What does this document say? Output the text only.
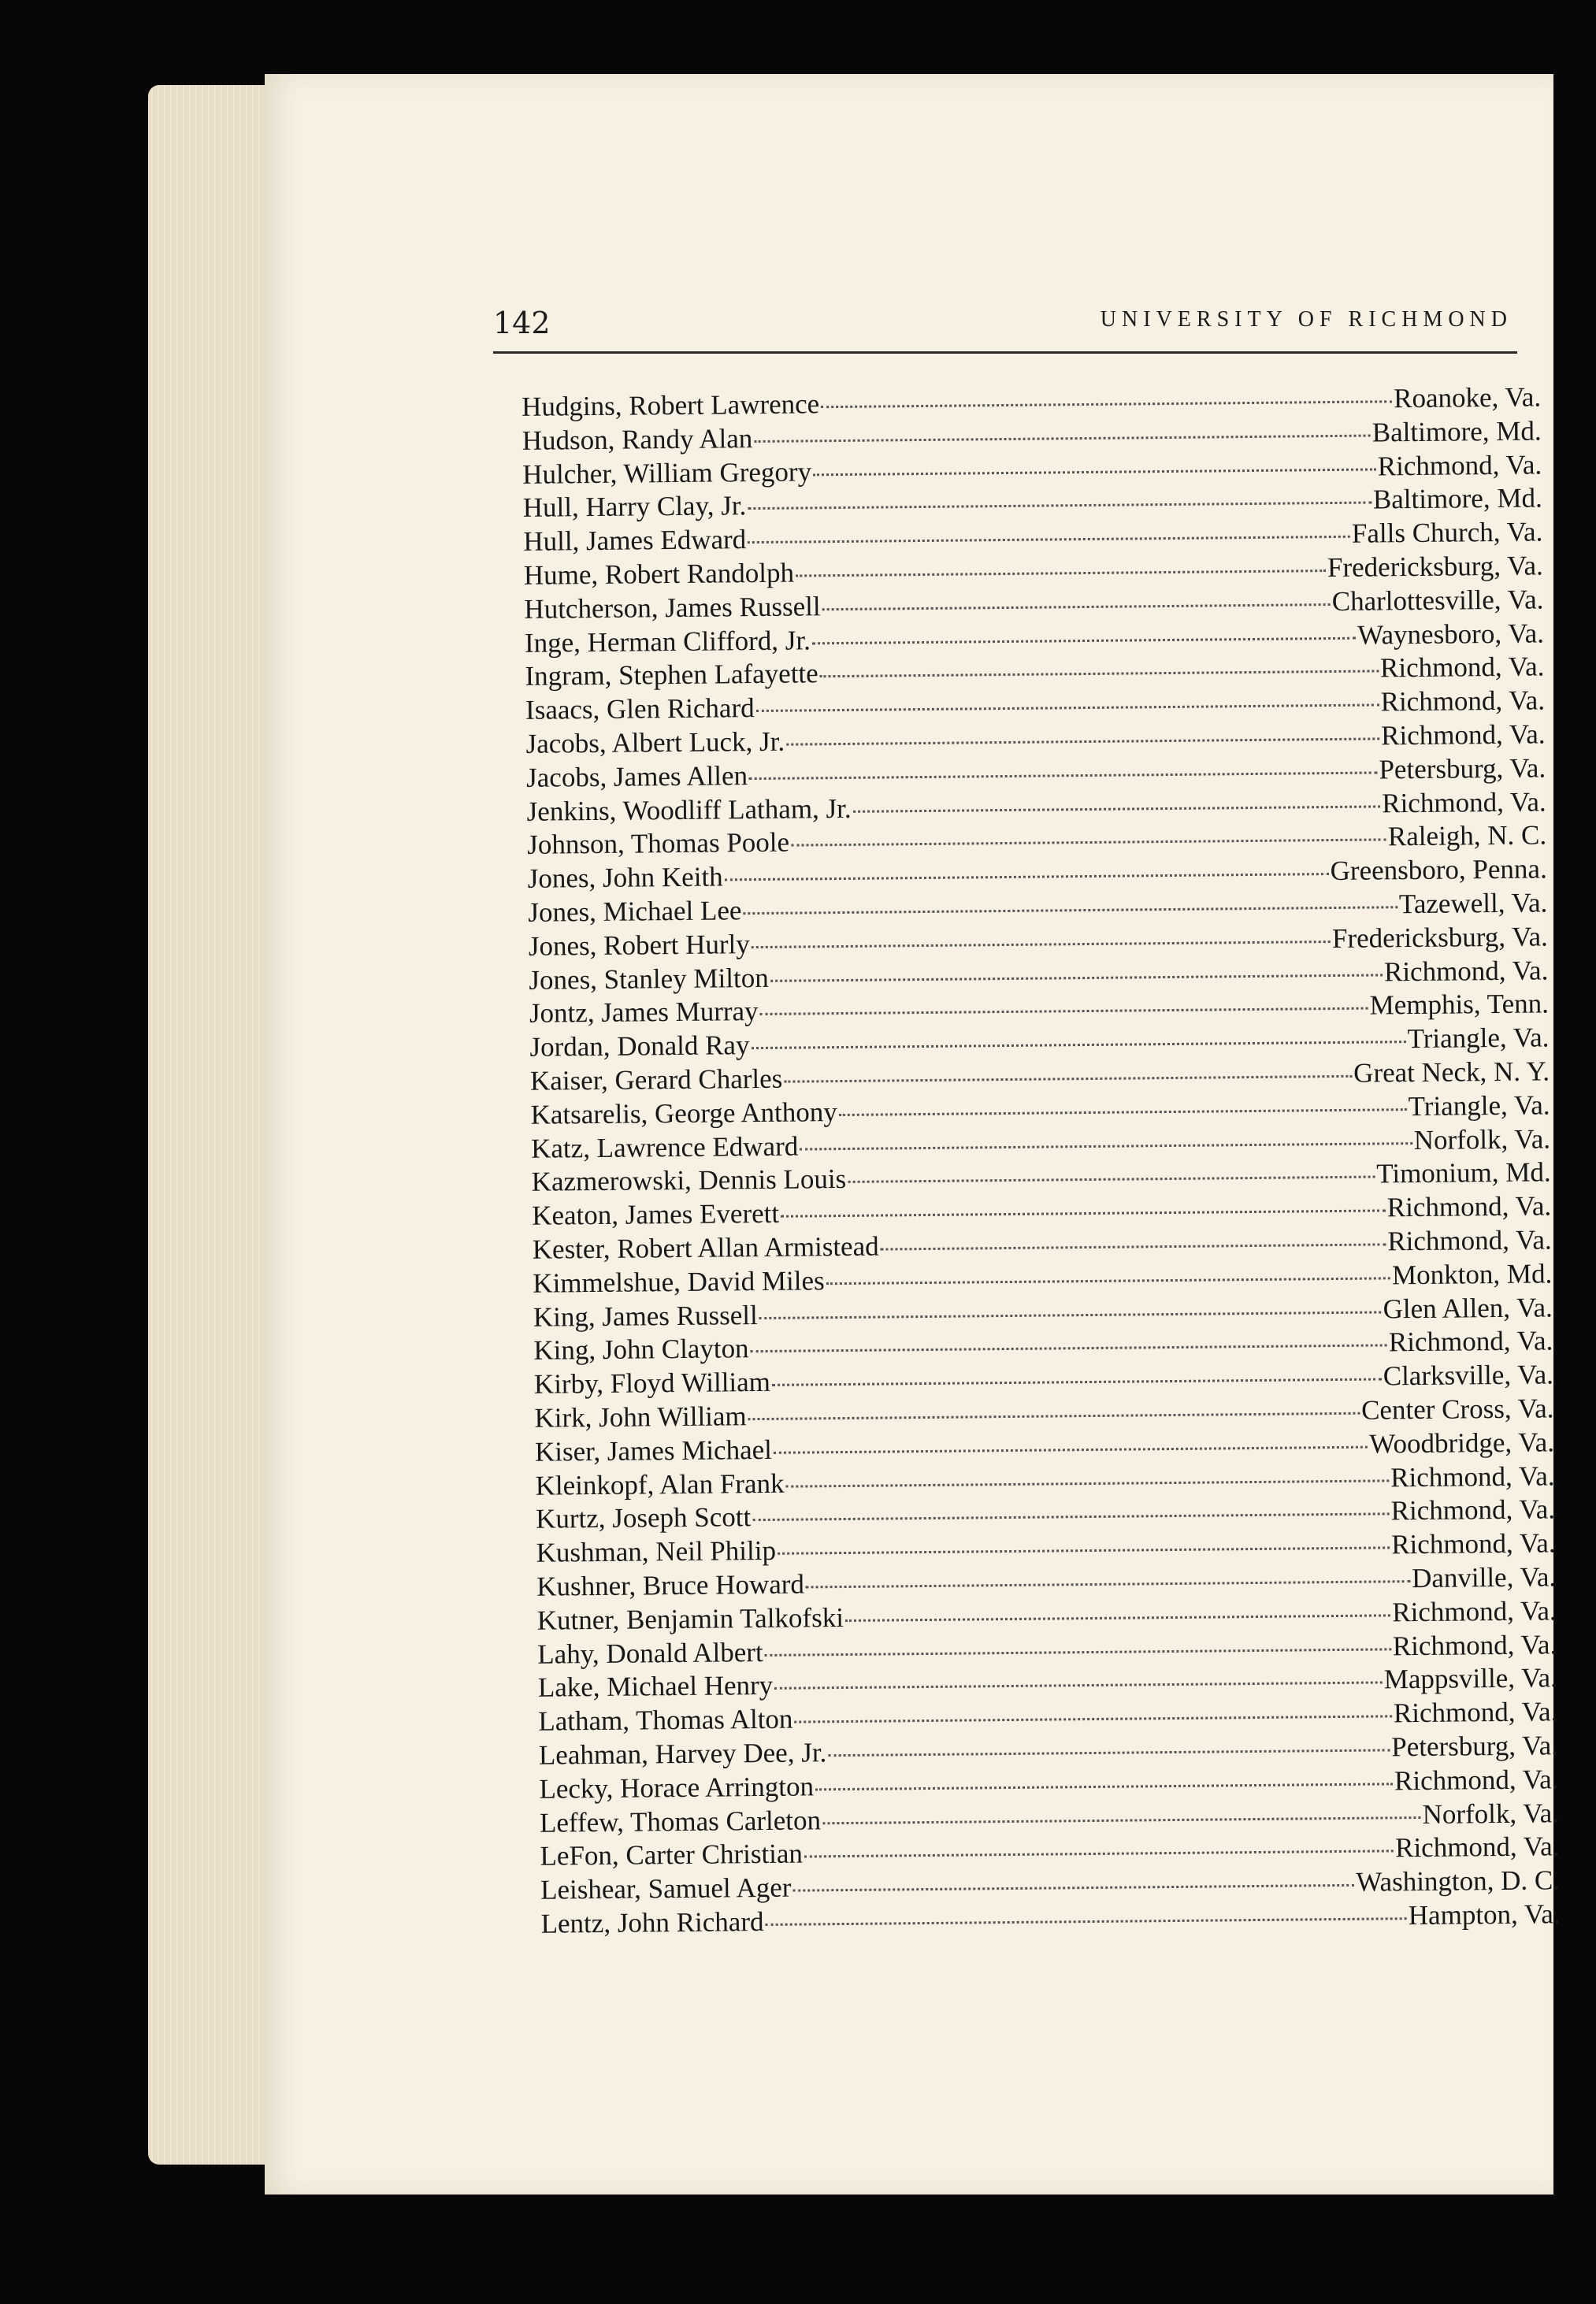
142	UNIVERSITY OF RICHMOND
Hudgins, Robert Lawrence	Roanoke, Va.
Hudson, Randy Alan	Baltimore, Md.
Hulcher, William Gregory	Richmond, Va.
Hull, Harry Clay, Jr.	Baltimore, Md.
Hull, James Edward	Falls Church, Va.
Hume, Robert Randolph	Fredericksburg, Va.
Hutcherson, James Russell	Charlottesville, Va.
Inge, Herman Clifford, Jr.	Waynesboro, Va.
Ingram, Stephen Lafayette	Richmond, Va.
Isaacs, Glen Richard	Richmond, Va.
Jacobs, Albert Luck, Jr.	Richmond, Va.
Jacobs, James Allen	Petersburg, Va.
Jenkins, Woodliff Latham, Jr.	Richmond, Va.
Johnson, Thomas Poole	Raleigh, N. C.
Jones, John Keith	Greensboro, Penna.
Jones, Michael Lee	Tazewell, Va.
Jones, Robert Hurly	Fredericksburg, Va.
Jones, Stanley Milton	Richmond, Va.
Jontz, James Murray	Memphis, Tenn.
Jordan, Donald Ray	Triangle, Va.
Kaiser, Gerard Charles	Great Neck, N. Y.
Katsarelis, George Anthony	Triangle, Va.
Katz, Lawrence Edward	Norfolk, Va.
Kazmerowski, Dennis Louis	Timonium, Md.
Keaton, James Everett	Richmond, Va.
Kester, Robert Allan Armistead	Richmond, Va.
Kimmelshue, David Miles	Monkton, Md.
King, James Russell	Glen Allen, Va.
King, John Clayton	Richmond, Va.
Kirby, Floyd William	Clarksville, Va.
Kirk, John William	Center Cross, Va.
Kiser, James Michael	Woodbridge, Va.
Kleinkopf, Alan Frank	Richmond, Va.
Kurtz, Joseph Scott	Richmond, Va.
Kushman, Neil Philip	Richmond, Va.
Kushner, Bruce Howard	Danville, Va.
Kutner, Benjamin Talkofski	Richmond, Va.
Lahy, Donald Albert	Richmond, Va.
Lake, Michael Henry	Mappsville, Va.
Latham, Thomas Alton	Richmond, Va.
Leahman, Harvey Dee, Jr.	Petersburg, Va.
Lecky, Horace Arrington	Richmond, Va.
Leffew, Thomas Carleton	Norfolk, Va.
LeFon, Carter Christian	Richmond, Va.
Leishear, Samuel Ager	Washington, D. C.
Lentz, John Richard	Hampton, Va.
